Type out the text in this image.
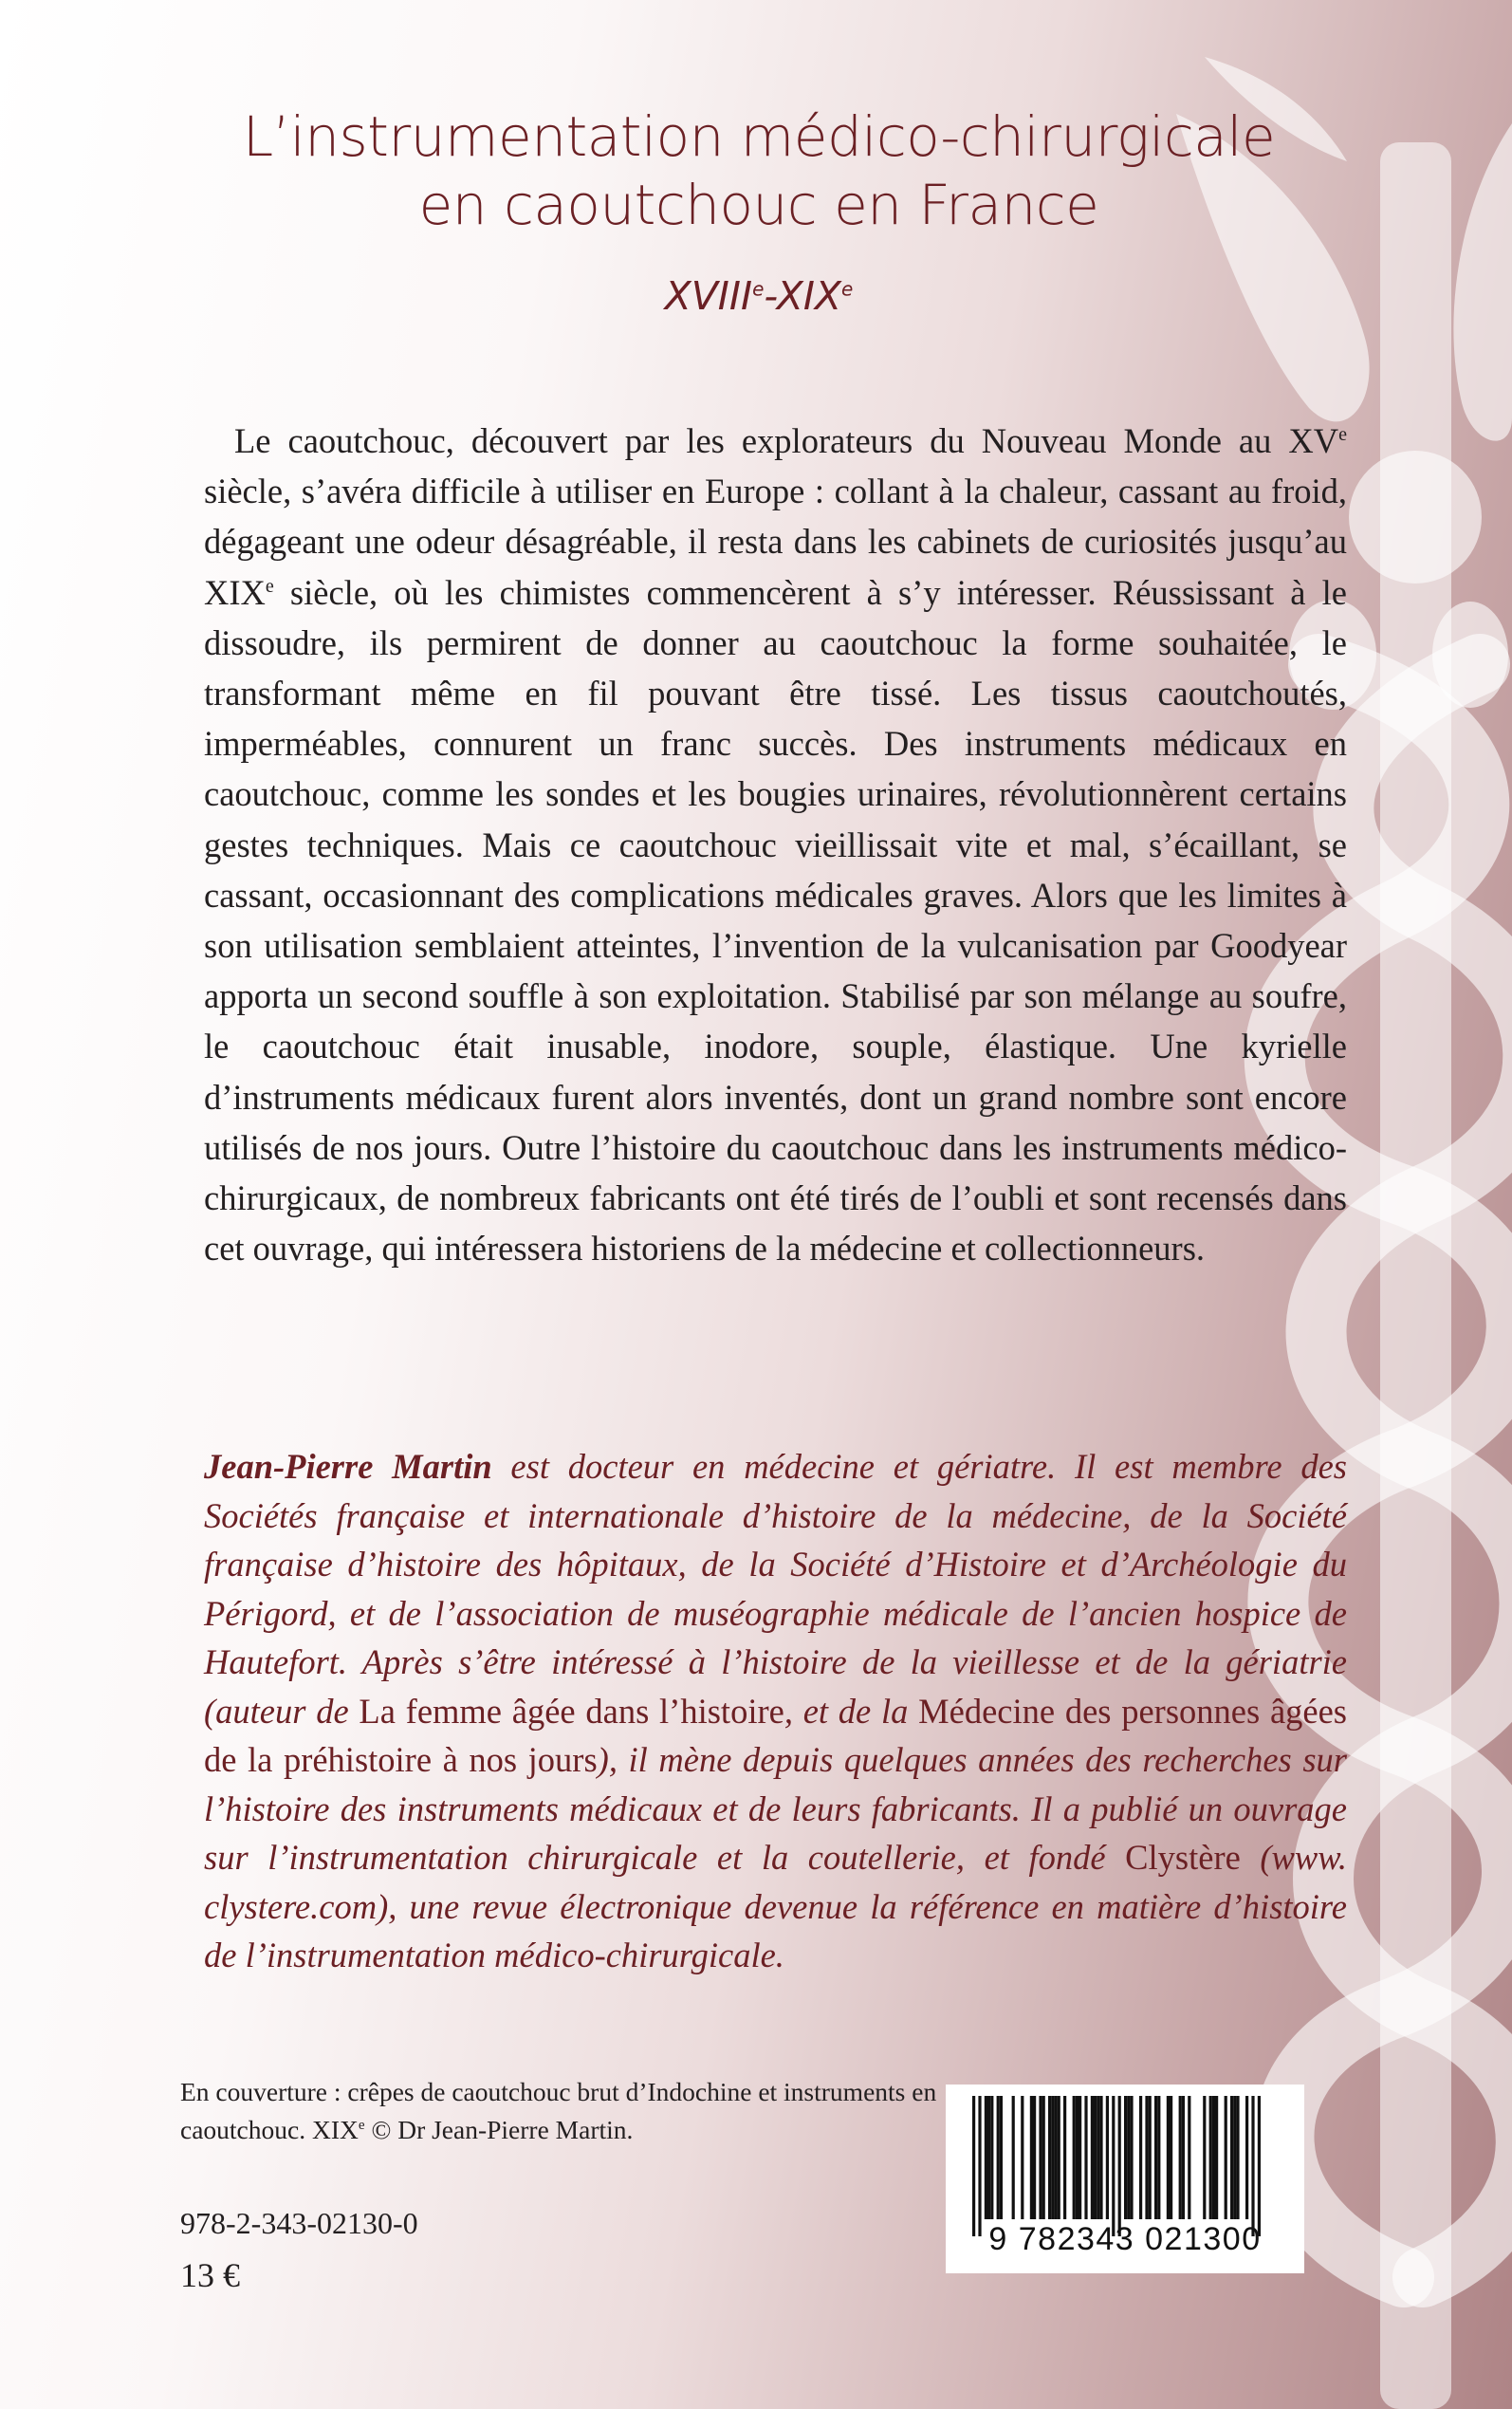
L’instrumentation médico-chirurgicale
en caoutchouc en France
XVIIIe-XIXe

Le caoutchouc, découvert par les explorateurs du Nouveau Monde au XVe siècle, s’avéra difficile à utiliser en Europe : collant à la chaleur, cassant au froid, dégageant une odeur désagréable, il resta dans les cabinets de curiosités jusqu’au XIXe siècle, où les chimistes commencèrent à s’y intéresser. Réussissant à le dissoudre, ils permirent de donner au caoutchouc la forme souhaitée, le transformant même en fil pouvant être tissé. Les tissus caoutchoutés, imperméables, connurent un franc succès. Des instruments médicaux en caoutchouc, comme les sondes et les bougies urinaires, révolutionnèrent certains gestes techniques. Mais ce caoutchouc vieillissait vite et mal, s’écaillant, se cassant, occasionnant des complications médicales graves. Alors que les limites à son utilisation semblaient atteintes, l’invention de la vulcanisation par Goodyear apporta un second souffle à son exploitation. Stabilisé par son mélange au soufre, le caoutchouc était inusable, inodore, souple, élastique. Une kyrielle d’instruments médicaux furent alors inventés, dont un grand nombre sont encore utilisés de nos jours. Outre l’histoire du caoutchouc dans les instruments médico-chirurgicaux, de nombreux fabricants ont été tirés de l’oubli et sont recensés dans cet ouvrage, qui intéressera historiens de la médecine et collectionneurs.

Jean-Pierre Martin est docteur en médecine et gériatre. Il est membre des Sociétés française et internationale d’histoire de la médecine, de la Société française d’histoire des hôpitaux, de la Société d’Histoire et d’Archéologie du Périgord, et de l’association de muséographie médicale de l’ancien hospice de Hautefort. Après s’être intéressé à l’histoire de la vieillesse et de la gériatrie (auteur de La femme âgée dans l’histoire, et de la Médecine des personnes âgées de la préhistoire à nos jours), il mène depuis quelques années des recherches sur l’histoire des instruments médicaux et de leurs fabricants. Il a publié un ouvrage sur l’instrumentation chirurgicale et la coutellerie, et fondé Clystère (www. clystere.com), une revue électronique devenue la référence en matière d’histoire de l’instrumentation médico-chirurgicale.

En couverture : crêpes de caoutchouc brut d’Indochine et instruments en caoutchouc. XIXe © Dr Jean-Pierre Martin.

978-2-343-02130-0
13 €
9 782343 021300
